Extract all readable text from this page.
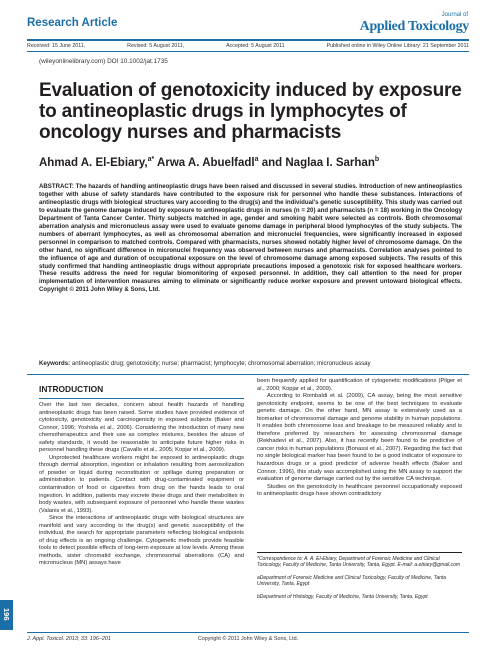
Research Article
Journal of
Applied Toxicology
Received: 15 June 2011,	Revised: 5 August 2011,	Accepted: 5 August 2011	Published online in Wiley Online Library: 21 September 2011
(wileyonlinelibrary.com) DOI 10.1002/jat.1735
Evaluation of genotoxicity induced by exposure to antineoplastic drugs in lymphocytes of oncology nurses and pharmacists
Ahmad A. El-Ebiary,$^{a*}$ Arwa A. Abuelfadl$^a$ and Naglaa I. Sarhan$^b$

ABSTRACT: The hazards of handling antineoplastic drugs have been raised and discussed in several studies. Introduction of new antineoplastics together with abuse of safety standards have contributed to the exposure risk for personnel who handle these substances. Interactions of antineoplastic drugs with biological structures vary according to the drug(s) and the individual's genetic susceptibility. This study was carried out to evaluate the genome damage induced by exposure to antineoplastic drugs in nurses (n = 20) and pharmacists (n = 18) working in the Oncology Department of Tanta Cancer Center. Thirty subjects matched in age, gender and smoking habit were selected as controls. Both chromosomal aberration analysis and micronucleus assay were used to evaluate genome damage in peripheral blood lymphocytes of the study subjects. The numbers of aberrant lymphocytes, as well as chromosomal aberration and micronuclei frequencies, were significantly increased in exposed personnel in comparison to matched controls. Compared with pharmacists, nurses showed notably higher level of chromosome damage. On the other hand, no significant difference in micronuclei frequency was observed between nurses and pharmacists. Correlation analyses pointed to the influence of age and duration of occupational exposure on the level of chromosome damage among exposed subjects. The results of this study confirmed that handling antineoplastic drugs without appropriate precautions imposed a genotoxic risk for exposed healthcare workers. These results address the need for regular biomonitoring of exposed personnel. In addition, they call attention to the need for proper implementation of intervention measures aiming to eliminate or significantly reduce worker exposure and prevent untoward biological effects. Copyright © 2011 John Wiley & Sons, Ltd.

Keywords: antineoplastic drug; genotoxicity; nurse; pharmacist; lymphocyte; chromosomal aberration; micronucleus assay

INTRODUCTION

Over the last two decades, concern about health hazards of handling antineoplastic drugs has been raised. Some studies have provided evidence of cytotoxicity, genotoxicity and carcinogenicity in exposed subjects (Baker and Connor, 1996; Yoshida et al., 2006). Considering the introduction of many new chemotherapeutics and their use as complex mixtures, besides the abuse of safety standards, it would be reasonable to anticipate future higher risks in personnel handling these drugs (Cavallo et al., 2005; Kopjar et al., 2009).

Unprotected healthcare workers might be exposed to antineoplastic drugs through dermal absorption, ingestion or inhalation resulting from aerosolization of powder or liquid during reconstitution or spillage during preparation or administration to patients. Contact with drug-contaminated equipment or contamination of food or cigarettes from drug on the hands leads to oral ingestion. In addition, patients may excrete these drugs and their metabolites in body wastes, with subsequent exposure of personnel who handle these wastes (Valanis et al., 1993).

Since the interactions of antineoplastic drugs with biological structures are manifold and vary according to the drug(s) and genetic susceptibility of the individual, the search for appropriate parameters reflecting biological endpoints of drug effects is an ongoing challenge. Cytogenetic methods provide feasible tools to detect possible effects of long-term exposure at low levels. Among these methods, sister chromatid exchange, chromosomal aberrations (CA) and micronucleus (MN) assays have

been frequently applied for quantification of cytogenetic modifications (Pilger et al., 2000; Kopjar et al., 2009).

According to Rombaldi et al. (2009), CA assay, being the most sensitive genotoxicity endpoint, seems to be one of the best techniques to evaluate genetic damage. On the other hand, MN assay is extensively used as a biomarker of chromosomal damage and genome stability in human populations. It enables both chromosome loss and breakage to be measured reliably and is therefore preferred by researchers for assessing chromosomal damage (Rekhadevi et al., 2007). Also, it has recently been found to be predictive of cancer risks in human populations (Bonassi et al., 2007). Regarding the fact that no single biological marker has been found to be a good indicator of exposure to hazardous drugs or a good predictor of adverse health effects (Baker and Connor, 1996), this study was accomplished using the MN assay to support the evaluation of genome damage carried out by the sensitive CA technique.

Studies on the genotoxicity in healthcare personnel occupationally exposed to antineoplastic drugs have shown contradictory

*Correspondence to: A. A. El-Ebiary, Department of Forensic Medicine and Clinical Toxicology, Faculty of Medicine, Tanta University, Tanta, Egypt. E-mail: a.ebiary@gmail.com

aDepartment of Forensic Medicine and Clinical Toxicology, Faculty of Medicine, Tanta University, Tanta, Egypt

bDepartment of Histology, Faculty of Medicine, Tanta University, Tanta, Egypt

196
J. Appl. Toxicol. 2013; 33: 196–201	Copyright © 2011 John Wiley & Sons, Ltd.
